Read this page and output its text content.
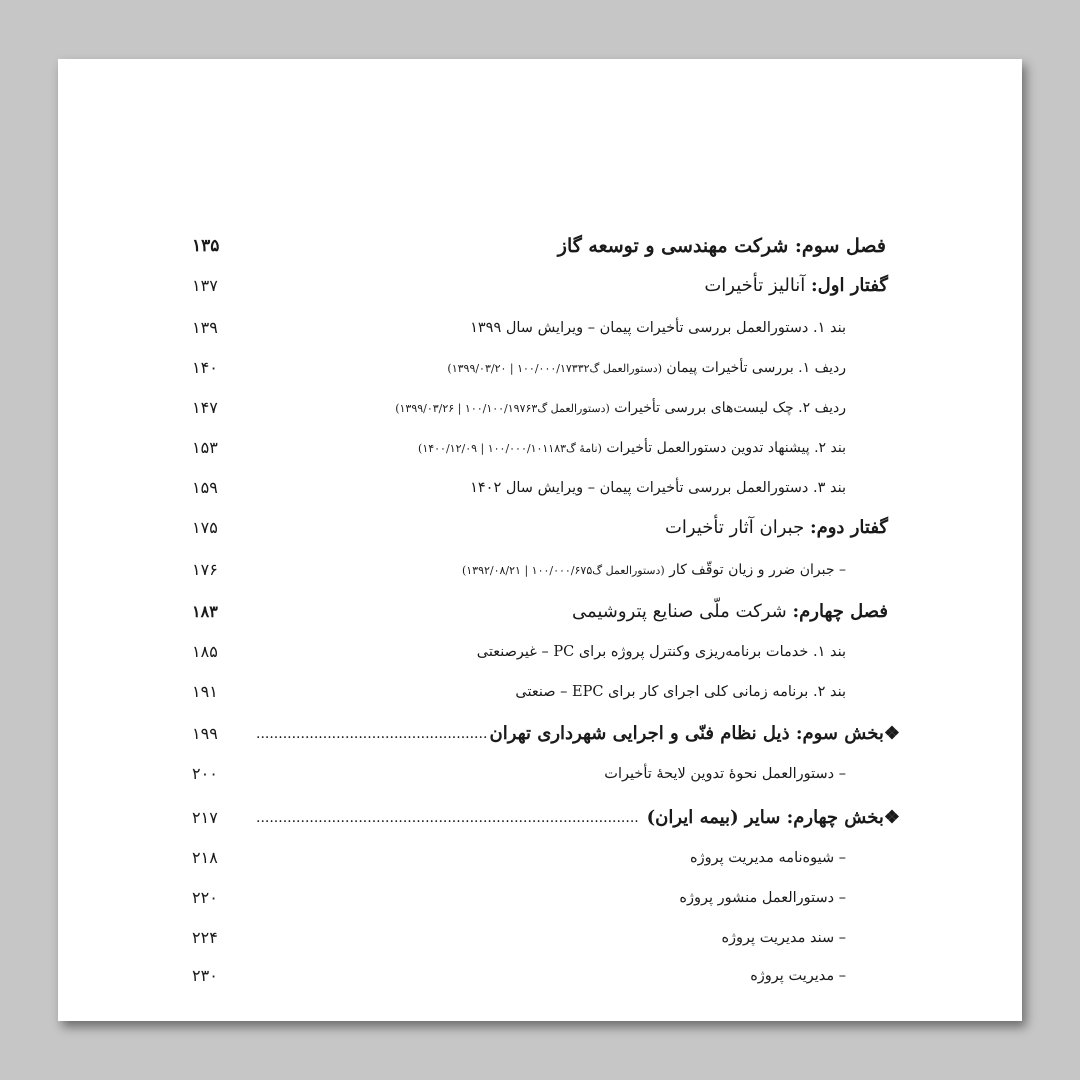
فصل سوم: شرکت مهندسی و توسعه گاز
۱۳۵
گفتار اول: آنالیز تأخیرات
۱۳۷
بند ۱. دستورالعمل بررسی تأخیرات پیمان – ویرایش سال ۱۳۹۹
۱۳۹
ردیف ۱. بررسی تأخیرات پیمان (دستورالعمل گ۱۰۰/۰۰۰/۱۷۳۳۲ | ۱۳۹۹/۰۳/۲۰)
۱۴۰
ردیف ۲. چک لیست‌های بررسی تأخیرات (دستورالعمل گ۱۰۰/۱۰۰/۱۹۷۶۳ | ۱۳۹۹/۰۳/۲۶)
۱۴۷
بند ۲. پیشنهاد تدوین دستورالعمل تأخیرات (نامۀ گ۱۰۰/۰۰۰/۱۰۱۱۸۳ | ۱۴۰۰/۱۲/۰۹)
۱۵۳
بند ۳. دستورالعمل بررسی تأخیرات پیمان – ویرایش سال ۱۴۰۲
۱۵۹
گفتار دوم: جبران آثار تأخیرات
۱۷۵
– جبران ضرر و زیان توقّف کار (دستورالعمل گ۱۰۰/۰۰۰/۶۷۵ | ۱۳۹۲/۰۸/۲۱)
۱۷۶
فصل چهارم: شرکت ملّی صنایع پتروشیمی
۱۸۳
بند ۱. خدمات برنامه‌ریزی وکنترل پروژه برای PC – غیرصنعتی
۱۸۵
بند ۲. برنامه زمانی کلی اجرای کار برای EPC – صنعتی
۱۹۱
❖بخش سوم: ذیل نظام فنّی و اجرایی شهرداری تهران
.....
۱۹۹
– دستورالعمل نحوۀ تدوین لایحۀ تأخیرات
۲۰۰
❖بخش چهارم: سایر (بیمه ایران)
.....
۲۱۷
– شیوه‌نامه مدیریت پروژه
۲۱۸
– دستورالعمل منشور پروژه
۲۲۰
– سند مدیریت پروژه
۲۲۴
– مدیریت پروژه
۲۳۰
